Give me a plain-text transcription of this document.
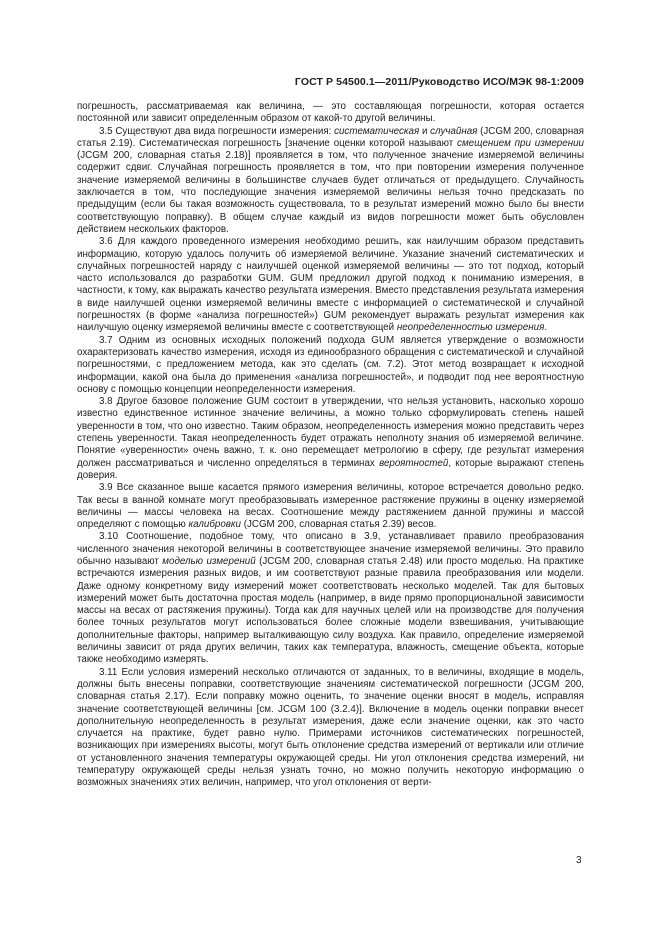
ГОСТ Р 54500.1—2011/Руководство ИСО/МЭК 98-1:2009

погрешность, рассматриваемая как величина, — это составляющая погрешности, которая остается постоянной или зависит определенным образом от какой-то другой величины.

3.5 Существуют два вида погрешности измерения: систематическая и случайная (JCGM 200, словарная статья 2.19). Систематическая погрешность [значение оценки которой называют смещением при измерении (JCGM 200, словарная статья 2.18)] проявляется в том, что полученное значение измеряемой величины содержит сдвиг. Случайная погрешность проявляется в том, что при повторении измерения полученное значение измеряемой величины в большинстве случаев будет отличаться от предыдущего. Случайность заключается в том, что последующие значения измеряемой величины нельзя точно предсказать по предыдущим (если бы такая возможность существовала, то в результат измерений можно было бы внести соответствующую поправку). В общем случае каждый из видов погрешности может быть обусловлен действием нескольких факторов.

3.6 Для каждого проведенного измерения необходимо решить, как наилучшим образом представить информацию, которую удалось получить об измеряемой величине. Указание значений систематических и случайных погрешностей наряду с наилучшей оценкой измеряемой величины — это тот подход, который часто использовался до разработки GUM. GUM предложил другой подход к пониманию измерения, в частности, к тому, как выражать качество результата измерения. Вместо представления результата измерения в виде наилучшей оценки измеряемой величины вместе с информацией о систематической и случайной погрешностях (в форме «анализа погрешностей») GUM рекомендует выражать результат измерения как наилучшую оценку измеряемой величины вместе с соответствующей неопределенностью измерения.

3.7 Одним из основных исходных положений подхода GUM является утверждение о возможности охарактеризовать качество измерения, исходя из единообразного обращения с систематической и случайной погрешностями, с предложением метода, как это сделать (см. 7.2). Этот метод возвращает к исходной информации, какой она была до применения «анализа погрешностей», и подводит под нее вероятностную основу с помощью концепции неопределенности измерения.

3.8 Другое базовое положение GUM состоит в утверждении, что нельзя установить, насколько хорошо известно единственное истинное значение величины, а можно только сформулировать степень нашей уверенности в том, что оно известно. Таким образом, неопределенность измерения можно представить через степень уверенности. Такая неопределенность будет отражать неполноту знания об измеряемой величине. Понятие «уверенности» очень важно, т. к. оно перемещает метрологию в сферу, где результат измерения должен рассматриваться и численно определяться в терминах вероятностей, которые выражают степень доверия.

3.9 Все сказанное выше касается прямого измерения величины, которое встречается довольно редко. Так весы в ванной комнате могут преобразовывать измеренное растяжение пружины в оценку измеряемой величины — массы человека на весах. Соотношение между растяжением данной пружины и массой определяют с помощью калибровки (JCGM 200, словарная статья 2.39) весов.

3.10 Соотношение, подобное тому, что описано в 3.9, устанавливает правило преобразования численного значения некоторой величины в соответствующее значение измеряемой величины. Это правило обычно называют моделью измерений (JCGM 200, словарная статья 2.48) или просто моделью. На практике встречаются измерения разных видов, и им соответствуют разные правила преобразования или модели. Даже одному конкретному виду измерений может соответствовать несколько моделей. Так для бытовых измерений может быть достаточна простая модель (например, в виде прямо пропорциональной зависимости массы на весах от растяжения пружины). Тогда как для научных целей или на производстве для получения более точных результатов могут использоваться более сложные модели взвешивания, учитывающие дополнительные факторы, например выталкивающую силу воздуха. Как правило, определение измеряемой величины зависит от ряда других величин, таких как температура, влажность, смещение объекта, которые также необходимо измерять.

3.11 Если условия измерений несколько отличаются от заданных, то в величины, входящие в модель, должны быть внесены поправки, соответствующие значениям систематической погрешности (JCGM 200, словарная статья 2.17). Если поправку можно оценить, то значение оценки вносят в модель, исправляя значение соответствующей величины [см. JCGM 100 (3.2.4)]. Включение в модель оценки поправки внесет дополнительную неопределенность в результат измерения, даже если значение оценки, как это часто случается на практике, будет равно нулю. Примерами источников систематических погрешностей, возникающих при измерениях высоты, могут быть отклонение средства измерений от вертикали или отличие от установленного значения температуры окружающей среды. Ни угол отклонения средства измерений, ни температуру окружающей среды нельзя узнать точно, но можно получить некоторую информацию о возможных значениях этих величин, например, что угол отклонения от верти-

3
